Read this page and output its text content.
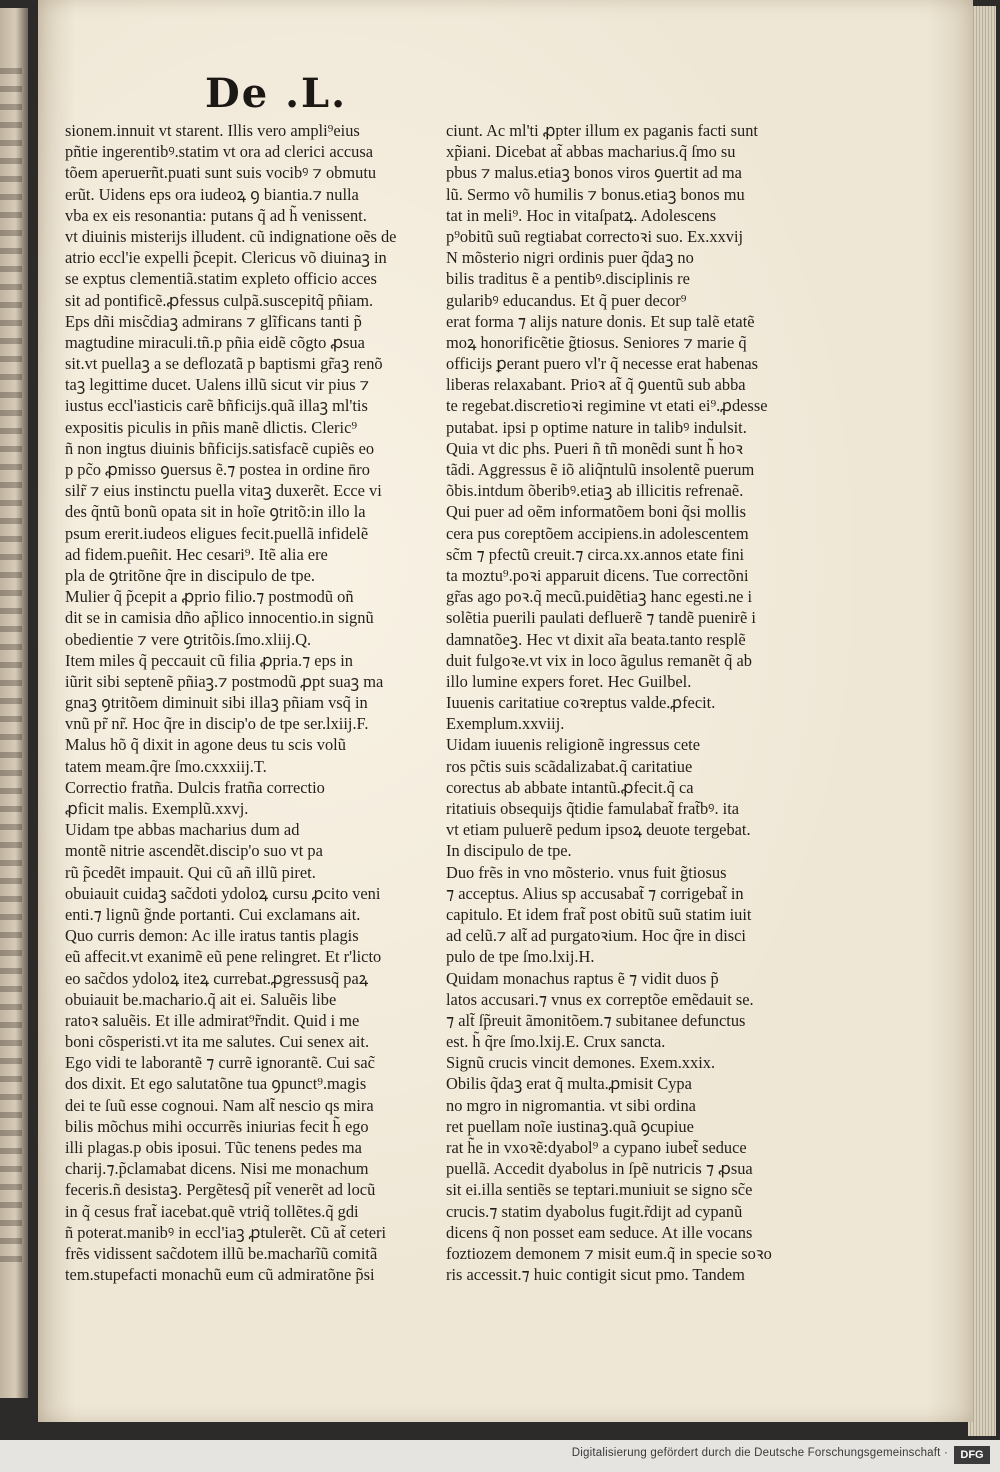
De .L.
sionem.innuit vt starent. Illis vero ampli⁹eius
pñtie ingerentibꝰ.statim vt ora ad clerici accusa
tõem aperuerñt.puati sunt suis vocibꝰ ⁊ obmutu
erũt. Uidens eps ora iudeoꝝ ꝯ biantia.⁊ nulla
vba ex eis resonantia: putans q̃ ad h̃ venissent.
vt diuinis misterijs illudent. cũ indignatione oẽs de
atrio eccl'ie expelli p̃cepit. Clericus võ diuinaꝫ in
se exptus clementiã.statim expleto officio acces
sit ad pontificẽ.ꝓfessus culpã.suscepitq̃ pñiam.
Eps dñi misc̃diaꝫ admirans ⁊ glĩficans tanti p̃
magtudine miraculi.tñ.p pñia eidẽ cõgto ꝓsua
sit.vt puellaꝫ a se deflozatã p baptismi gr̃aꝫ renõ
taꝫ legittime ducet. Ualens illũ sicut vir pius ⁊
iustus eccl'iasticis carẽ bñficijs.quã illaꝫ ml'tis
expositis piculis in pñis manẽ dlictis. Cleric⁹
ñ non ingtus diuinis bñficijs.satisfacẽ cupiẽs eo
p pc̃o ꝓmisso ꝯuersus ẽ.⁊ postea in ordine n̄ro
silr̃ ⁊ eius instinctu puella vitaꝫ duxerẽt. Ecce vi
des q̃ntũ bonũ opata sit in hoĩe ꝯtritõ:in illo la
psum ererit.iudeos eligues fecit.puellã infidelẽ
ad fidem.pueñit. Hec cesari⁹. Itẽ alia ere
pla de ꝯtritõne q̃re in discipulo de tpe.
Mulier q̃ p̃cepit a ꝓprio filio.⁊ postmodũ oñ
dit se in camisia dño ap̃lico innocentio.in signũ
obedientie ⁊ vere ꝯtritõis.ſmo.xliij.Q.
Item miles q̃ peccauit cũ filia ꝓpria.⁊ eps in
iũrit sibi septenẽ pñiaꝫ.⁊ postmodũ ꝓpt suaꝫ ma
gnaꝫ ꝯtritõem diminuit sibi illaꝫ pñiam vsq̃ in
vnũ pr̃ nr̃. Hoc q̃re in discip'o de tpe ser.lxiij.F.
Malus hõ q̃ dixit in agone deus tu scis volũ
tatem meam.q̃re ſmo.cxxxiij.T.
Correctio fratña. Dulcis fratña correctio
ꝓficit malis. Exemplũ.xxvj.
Uidam tpe abbas macharius dum ad
montẽ nitrie ascendẽt.discip'o suo vt pa
rũ p̃cedẽt impauit. Qui cũ añ illũ piret.
obuiauit cuidaꝫ sac̃doti ydoloꝝ cursu ꝓcito veni
enti.⁊ lignũ g̃nde portanti. Cui exclamans ait.
Quo curris demon: Ac ille iratus tantis plagis
eũ affecit.vt exanimẽ eũ pene relingret. Et r'licto
eo sac̃dos ydoloꝝ iteꝝ currebat.ꝓgressusq̃ paꝝ
obuiauit be.machario.q̃ ait ei. Saluẽis libe
ratoꝛ saluẽis. Et ille admirat⁹r̃ndit. Quid i me
boni cõsperisti.vt ita me salutes. Cui senex ait.
Ego vidi te laborantẽ ⁊ currẽ ignorantẽ. Cui sac̃
dos dixit. Et ego salutatõne tua ꝯpunct⁹.magis
dei te ſuũ esse cognoui. Nam alt̃ nescio qs mira
bilis mõchus mihi occurrẽs iniurias fecit h̃ ego
illi plagas.p obis iposui. Tũc tenens pedes ma
charij.⁊.p̃clamabat dicens. Nisi me monachum
feceris.ñ desistaꝫ. Pergẽtesq̃ pit̃ venerẽt ad locũ
in q̃ cesus frat̃ iacebat.quẽ vtriq̃ tollẽtes.q̃ gdi
ñ poterat.manibꝰ in eccl'iaꝫ ꝓtulerẽt. Cũ at̃ ceteri
frẽs vidissent sac̃dotem illũ be.macharĩũ comitã
tem.stupefacti monachũ eum cũ admiratõne p̃si
ciunt. Ac ml'ti ꝓpter illum ex paganis facti sunt
xp̃iani. Dicebat at̃ abbas macharius.q̃ ſmo su
pbus ⁊ malus.etiaꝫ bonos viros ꝯuertit ad ma
lũ. Sermo võ humilis ⁊ bonus.etiaꝫ bonos mu
tat in meli⁹. Hoc in vitaſpatꝝ. Adolescens
p⁹obitũ suũ regtiabat correctoꝛi suo. Ex.xxvij
N mõsterio nigri ordinis puer q̃daꝫ no
bilis traditus ẽ a pentibꝰ.disciplinis re
gularibꝰ educandus. Et q̃ puer decor⁹
erat forma ⁊ alijs nature donis. Et sup talẽ etatẽ
moꝝ honorificẽtie g̃tiosus. Seniores ⁊ marie q̃
officijs ꝑerant puero vl'r q̃ necesse erat habenas
liberas relaxabant. Prioꝛ at̃ q̃ ꝯuentũ sub abba
te regebat.discretioꝛi regimine vt etati ei⁹.ꝓdesse
putabat. ipsi p optime nature in talibꝰ indulsit.
Quia vt dic phs. Pueri ñ tñ monẽdi sunt h̃ hoꝛ
tãdi. Aggressus ẽ iõ aliq̃ntulũ insolentẽ puerum
õbis.intdum õberibꝰ.etiaꝫ ab illicitis refrenaẽ.
Qui puer ad oẽm informatõem boni q̃si mollis
cera pus coreptõem accipiens.in adolescentem
sc̃m ⁊ pfectũ creuit.⁊ circa.xx.annos etate fini
ta moztu⁹.poꝛi apparuit dicens. Tue correctõni
gr̃as ago poꝛ.q̃ mecũ.puidẽtiaꝫ hanc egesti.ne i
solẽtia puerili paulati defluerẽ ⁊ tandẽ puenirẽ i
damnatõeꝫ. Hec vt dixit aĩa beata.tanto resplẽ
duit fulgoꝛe.vt vix in loco ãgulus remanẽt q̃ ab
illo lumine expers foret. Hec Guilbel.
Iuuenis caritatiue coꝛreptus valde.ꝓfecit.
Exemplum.xxviij.
Uidam iuuenis religionẽ ingressus cete
ros pc̃tis suis scãdalizabat.q̃ caritatiue
corectus ab abbate intantũ.ꝓfecit.q̃ ca
ritatiuis obsequijs q̃tidie famulabat̃ frat̃bꝰ. ita
vt etiam puluerẽ pedum ipsoꝝ deuote tergebat.
In discipulo de tpe.
Duo frẽs in vno mõsterio. vnus fuit g̃tiosus
⁊ acceptus. Alius sp accusabat̃ ⁊ corrigebat̃ in
capitulo. Et idem frat̃ post obitũ suũ statim iuit
ad celũ.⁊ alt̃ ad purgatoꝛium. Hoc q̃re in disci
pulo de tpe ſmo.lxij.H.
Quidam monachus raptus ẽ ⁊ vidit duos p̃
latos accusari.⁊ vnus ex correptõe emẽdauit se.
⁊ alt̃ ſp̃reuit ãmonitõem.⁊ subitanee defunctus
est. h̃ q̃re ſmo.lxij.E. Crux sancta.
Signũ crucis vincit demones. Exem.xxix.
Obilis q̃daꝫ erat q̃ multa.ꝓmisit Cypa
no mgro in nigromantia. vt sibi ordina
ret puellam noĩe iustinaꝫ.quã ꝯcupiue
rat h̃e in vxoꝛẽ:dyabol⁹ a cypano iubet̃ seduce
puellã. Accedit dyabolus in ſpẽ nutricis ⁊ ꝓsua
sit ei.illa sentiẽs se teptari.muniuit se signo sc̃e
crucis.⁊ statim dyabolus fugit.r̃dijt ad cypanũ
dicens q̃ non posset eam seduce. At ille vocans
foztiozem demonem ⁊ misit eum.q̃ in specie soꝛo
ris accessit.⁊ huic contigit sicut pmo. Tandem
Digitalisierung gefördert durch die Deutsche Forschungsgemeinschaft ·	DFG
